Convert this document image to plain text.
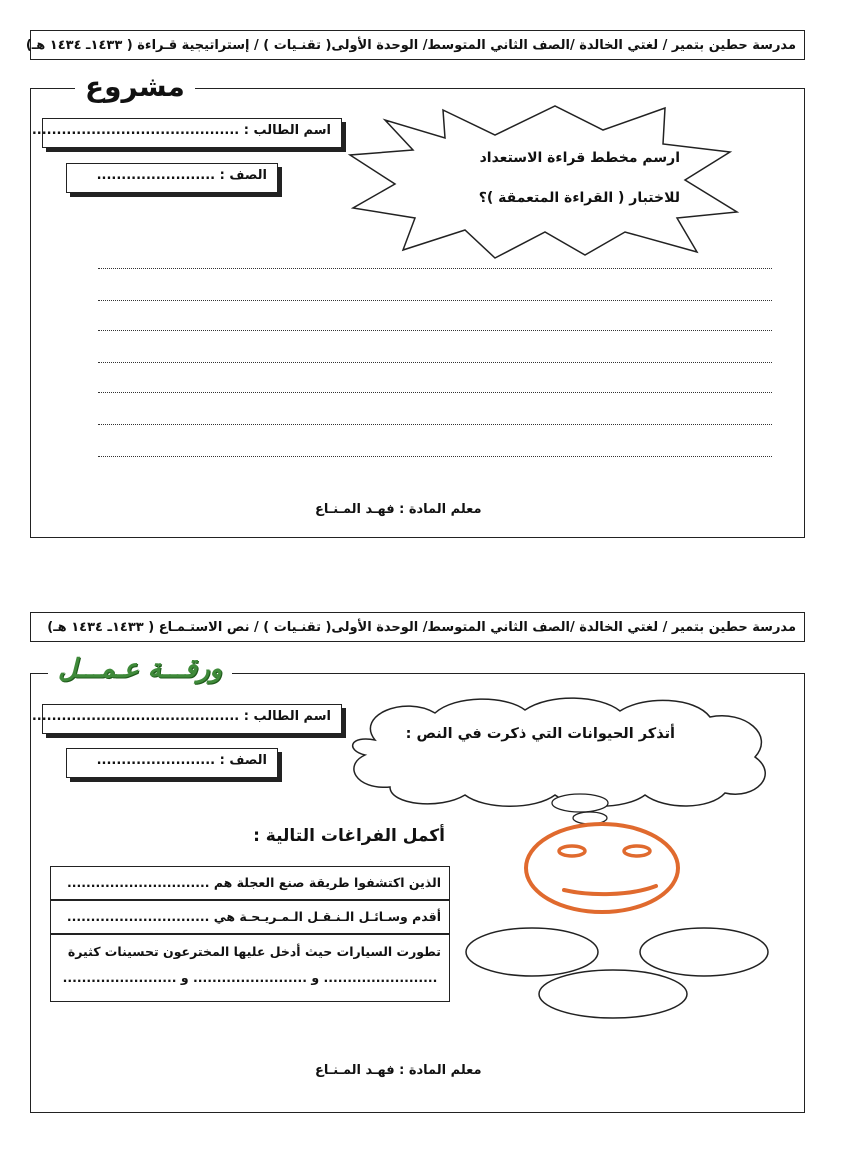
مدرسة حطين بتمير / لغتي الخالدة /الصف الثاني المتوسط/ الوحدة الأولى( تقنـيات ) / إستراتيجية قـراءة ( ١٤٣٣ـ ١٤٣٤ هـ)
مشروع
اسم الطالب : ..........................................
الصف : ........................
ارسم مخطط قراءة الاستعداد
للاختبار ( القراءة المتعمقة )؟
معلم المادة : فهـد المـنـاع
مدرسة حطين بتمير / لغتي الخالدة /الصف الثاني المتوسط/ الوحدة الأولى( تقنـيات ) / نص الاستـمـاع ( ١٤٣٣ـ ١٤٣٤ هـ)
ورقـــة عـمـــل
اسم الطالب : ..........................................
الصف : ........................
أتذكر الحيوانات التي ذكرت في النص :
أكمل الفراغات التالية :
الذين اكتشفوا طريقة صنع العجلة هم ..............................
أقدم وسـائـل الـنـقـل الـمـريـحـة هي ..............................
تطورت السيارات حيث أدخل عليها المخترعون تحسينات كثيرة
........................ و ........................ و ........................
معلم المادة : فهـد المـنـاع
